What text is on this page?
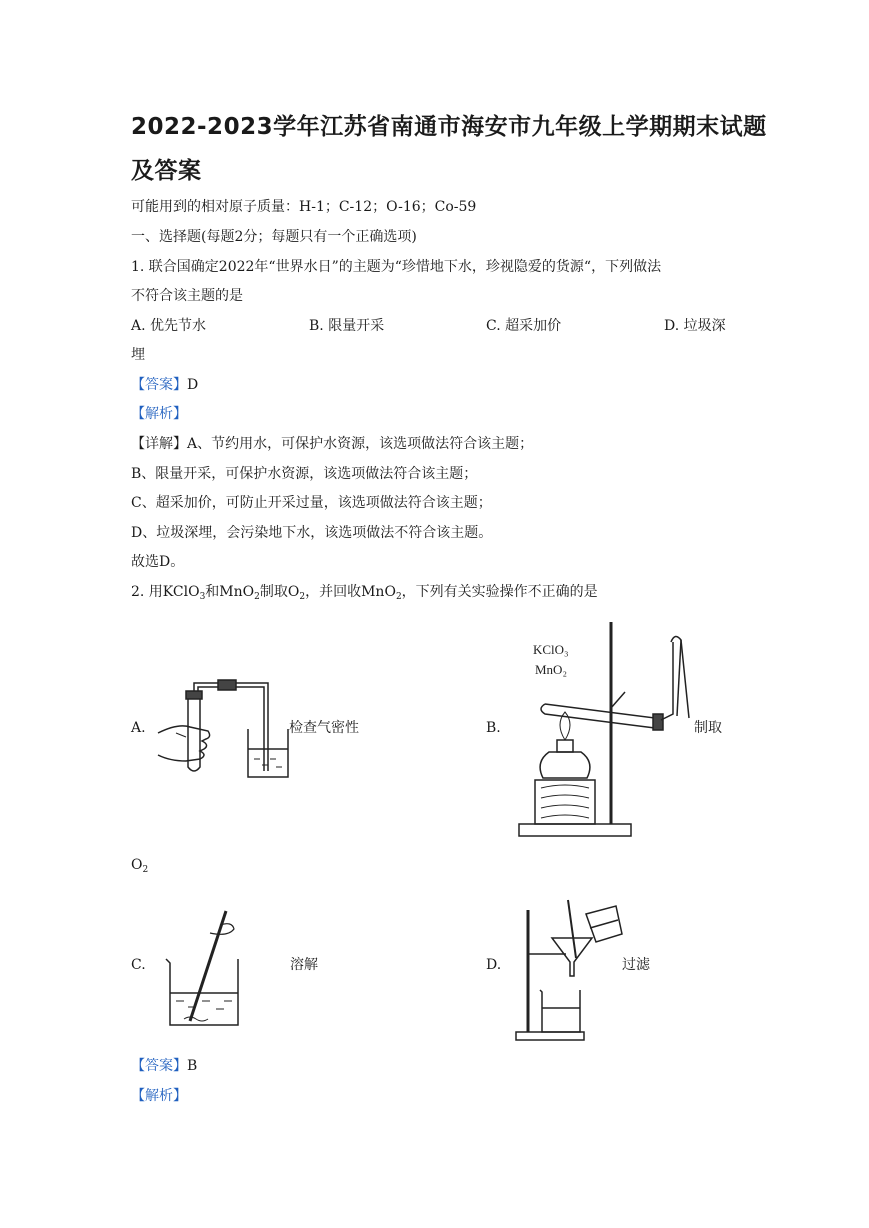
2022-2023学年江苏省南通市海安市九年级上学期期末试题
及答案
可能用到的相对原子质量：H-1；C-12；O-16；Co-59
一、选择题(每题2分；每题只有一个正确选项)
1. 联合国确定2022年“世界水日”的主题为“珍惜地下水，珍视隐爱的货源“，下列做法
不符合该主题的是
A. 优先节水	B. 限量开采	C. 超采加价	D. 垃圾深
埋
【答案】D
【解析】
【详解】A、节约用水，可保护水资源，该选项做法符合该主题；
B、限量开采，可保护水资源，该选项做法符合该主题；
C、超采加价，可防止开采过量，该选项做法符合该主题；
D、垃圾深埋，会污染地下水，该选项做法不符合该主题。
故选D。
2. 用KClO$_3$和MnO$_2$制取$O_2$，并回收MnO$_2$，下列有关实验操作不正确的是
A.	检查气密性	B.
KClO₃
MnO₂
制取
$O_2$
C.	溶解	D.	过滤
【答案】B
【解析】
